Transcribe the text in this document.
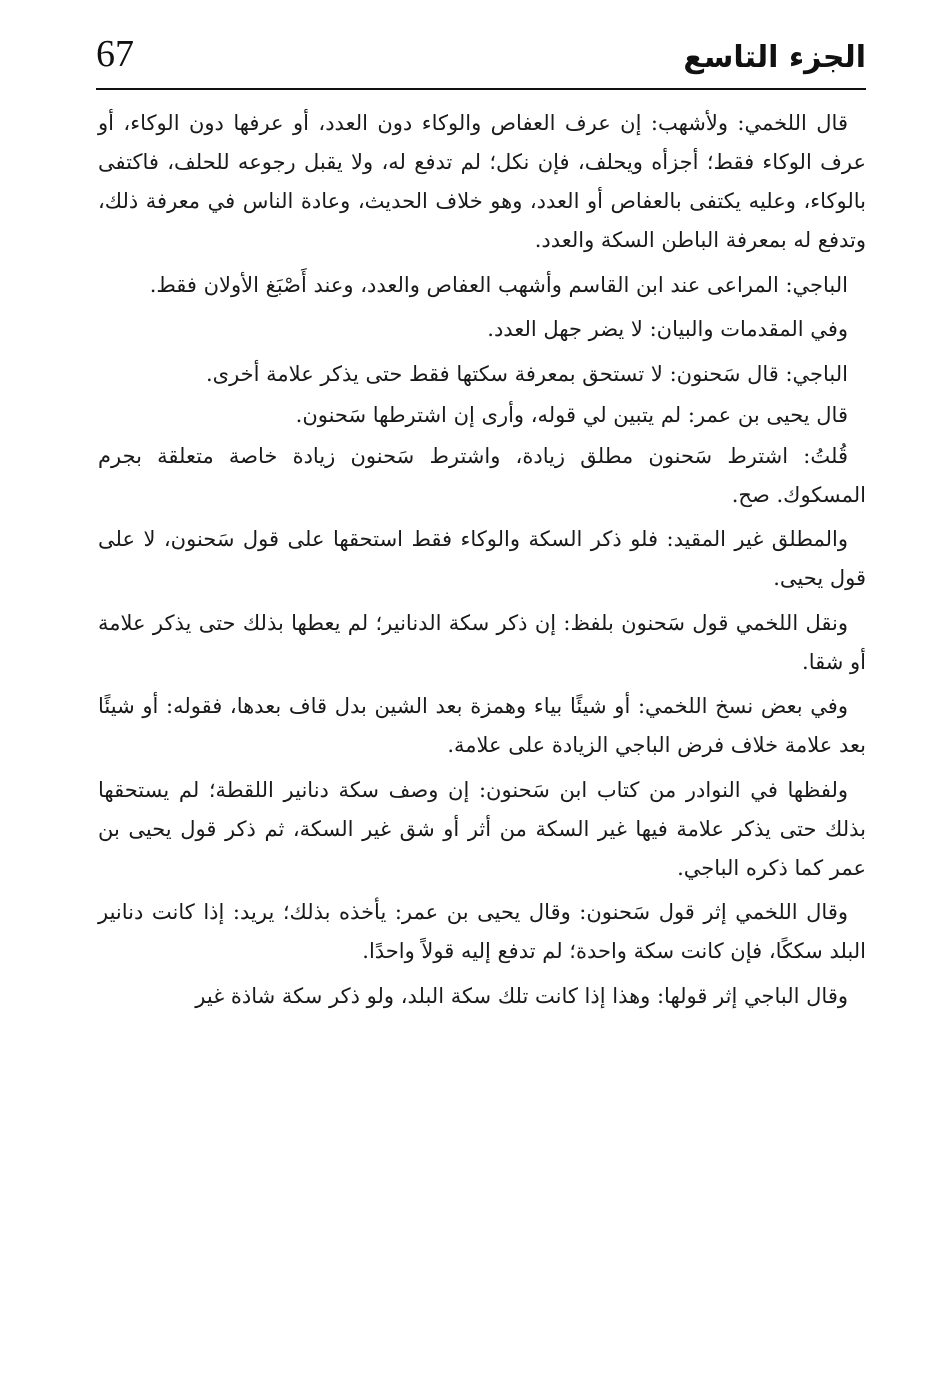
67	الجزء التاسع

قال اللخمي: ولأشهب: إن عرف العفاص والوكاء دون العدد، أو عرفها دون الوكاء، أو عرف الوكاء فقط؛ أجزأه ويحلف، فإن نكل؛ لم تدفع له، ولا يقبل رجوعه للحلف، فاكتفى بالوكاء، وعليه يكتفى بالعفاص أو العدد، وهو خلاف الحديث، وعادة الناس في معرفة ذلك، وتدفع له بمعرفة الباطن السكة والعدد.

الباجي: المراعى عند ابن القاسم وأشهب العفاص والعدد، وعند أَصْبَغ الأولان فقط.

وفي المقدمات والبيان: لا يضر جهل العدد.

الباجي: قال سَحنون: لا تستحق بمعرفة سكتها فقط حتى يذكر علامة أخرى.

قال يحيى بن عمر: لم يتبين لي قوله، وأرى إن اشترطها سَحنون.

قُلتُ: اشترط سَحنون مطلق زيادة، واشترط سَحنون زيادة خاصة متعلقة بجرم المسكوك. صح.

والمطلق غير المقيد: فلو ذكر السكة والوكاء فقط استحقها على قول سَحنون، لا على قول يحيى.

ونقل اللخمي قول سَحنون بلفظ: إن ذكر سكة الدنانير؛ لم يعطها بذلك حتى يذكر علامة أو شقا.

وفي بعض نسخ اللخمي: أو شيئًا بياء وهمزة بعد الشين بدل قاف بعدها، فقوله: أو شيئًا بعد علامة خلاف فرض الباجي الزيادة على علامة.

ولفظها في النوادر من كتاب ابن سَحنون: إن وصف سكة دنانير اللقطة؛ لم يستحقها بذلك حتى يذكر علامة فيها غير السكة من أثر أو شق غير السكة، ثم ذكر قول يحيى بن عمر كما ذكره الباجي.

وقال اللخمي إثر قول سَحنون: وقال يحيى بن عمر: يأخذه بذلك؛ يريد: إذا كانت دنانير البلد سككًا، فإن كانت سكة واحدة؛ لم تدفع إليه قولاً واحدًا.

وقال الباجي إثر قولها: وهذا إذا كانت تلك سكة البلد، ولو ذكر سكة شاذة غير
